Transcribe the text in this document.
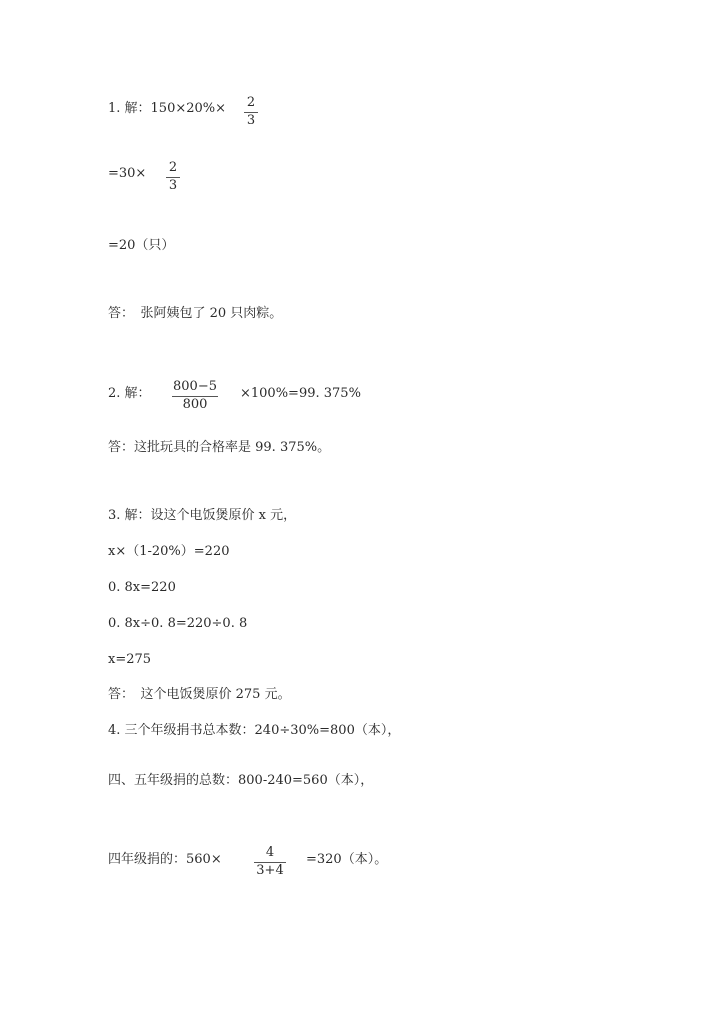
1. 解：150×20%× 2
3
=30× 2
3
=20（只）
答：　张阿姨包了 20 只肉粽。
2. 解： 800−5
800
×100%=99. 375%
答：这批玩具的合格率是 99. 375%。
3. 解：设这个电饭煲原价 x 元，
x×（1-20%）=220
0. 8x=220
0. 8x÷0. 8=220÷0. 8
x=275
答：　这个电饭煲原价 275 元。
4. 三个年级捐书总本数：240÷30%=800（本），
四、五年级捐的总数：800-240=560（本），
四年级捐的：560×	4
3+4
=320（本）。
